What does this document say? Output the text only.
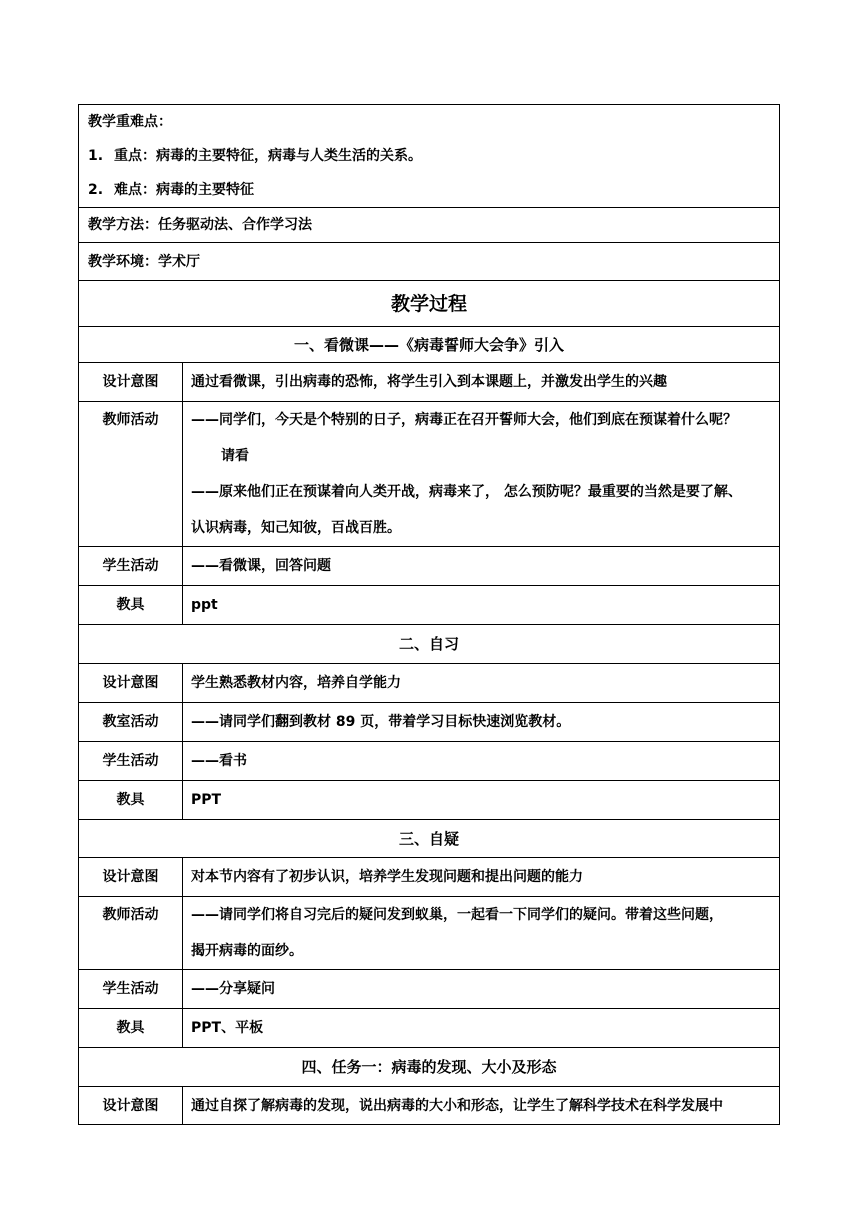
教学重难点：
1. 重点：病毒的主要特征，病毒与人类生活的关系。
2. 难点：病毒的主要特征	

教学方法：任务驱动法、合作学习法	
教学环境：学术厅	
教学过程	
一、看微课——《病毒誓师大会争》引入	
设计意图	通过看微课，引出病毒的恐怖，将学生引入到本课题上，并激发出学生的兴趣

教师活动	——同学们，今天是个特别的日子，病毒正在召开誓师大会，他们到底在预谋着什么呢？
请看
——原来他们正在预谋着向人类开战，病毒来了， 怎么预防呢？最重要的当然是要了解、
认识病毒，知己知彼，百战百胜。

学生活动	——看微课，回答问题

教具	ppt

二、自习	
设计意图	学生熟悉教材内容，培养自学能力

教室活动	——请同学们翻到教材 89 页，带着学习目标快速浏览教材。

学生活动	——看书

教具	PPT

三、自疑	
设计意图	对本节内容有了初步认识，培养学生发现问题和提出问题的能力

教师活动	——请同学们将自习完后的疑问发到蚁巢，一起看一下同学们的疑问。带着这些问题，
揭开病毒的面纱。

学生活动	——分享疑问

教具	PPT、平板

四、任务一：病毒的发现、大小及形态	
设计意图	通过自探了解病毒的发现，说出病毒的大小和形态，让学生了解科学技术在科学发展中
